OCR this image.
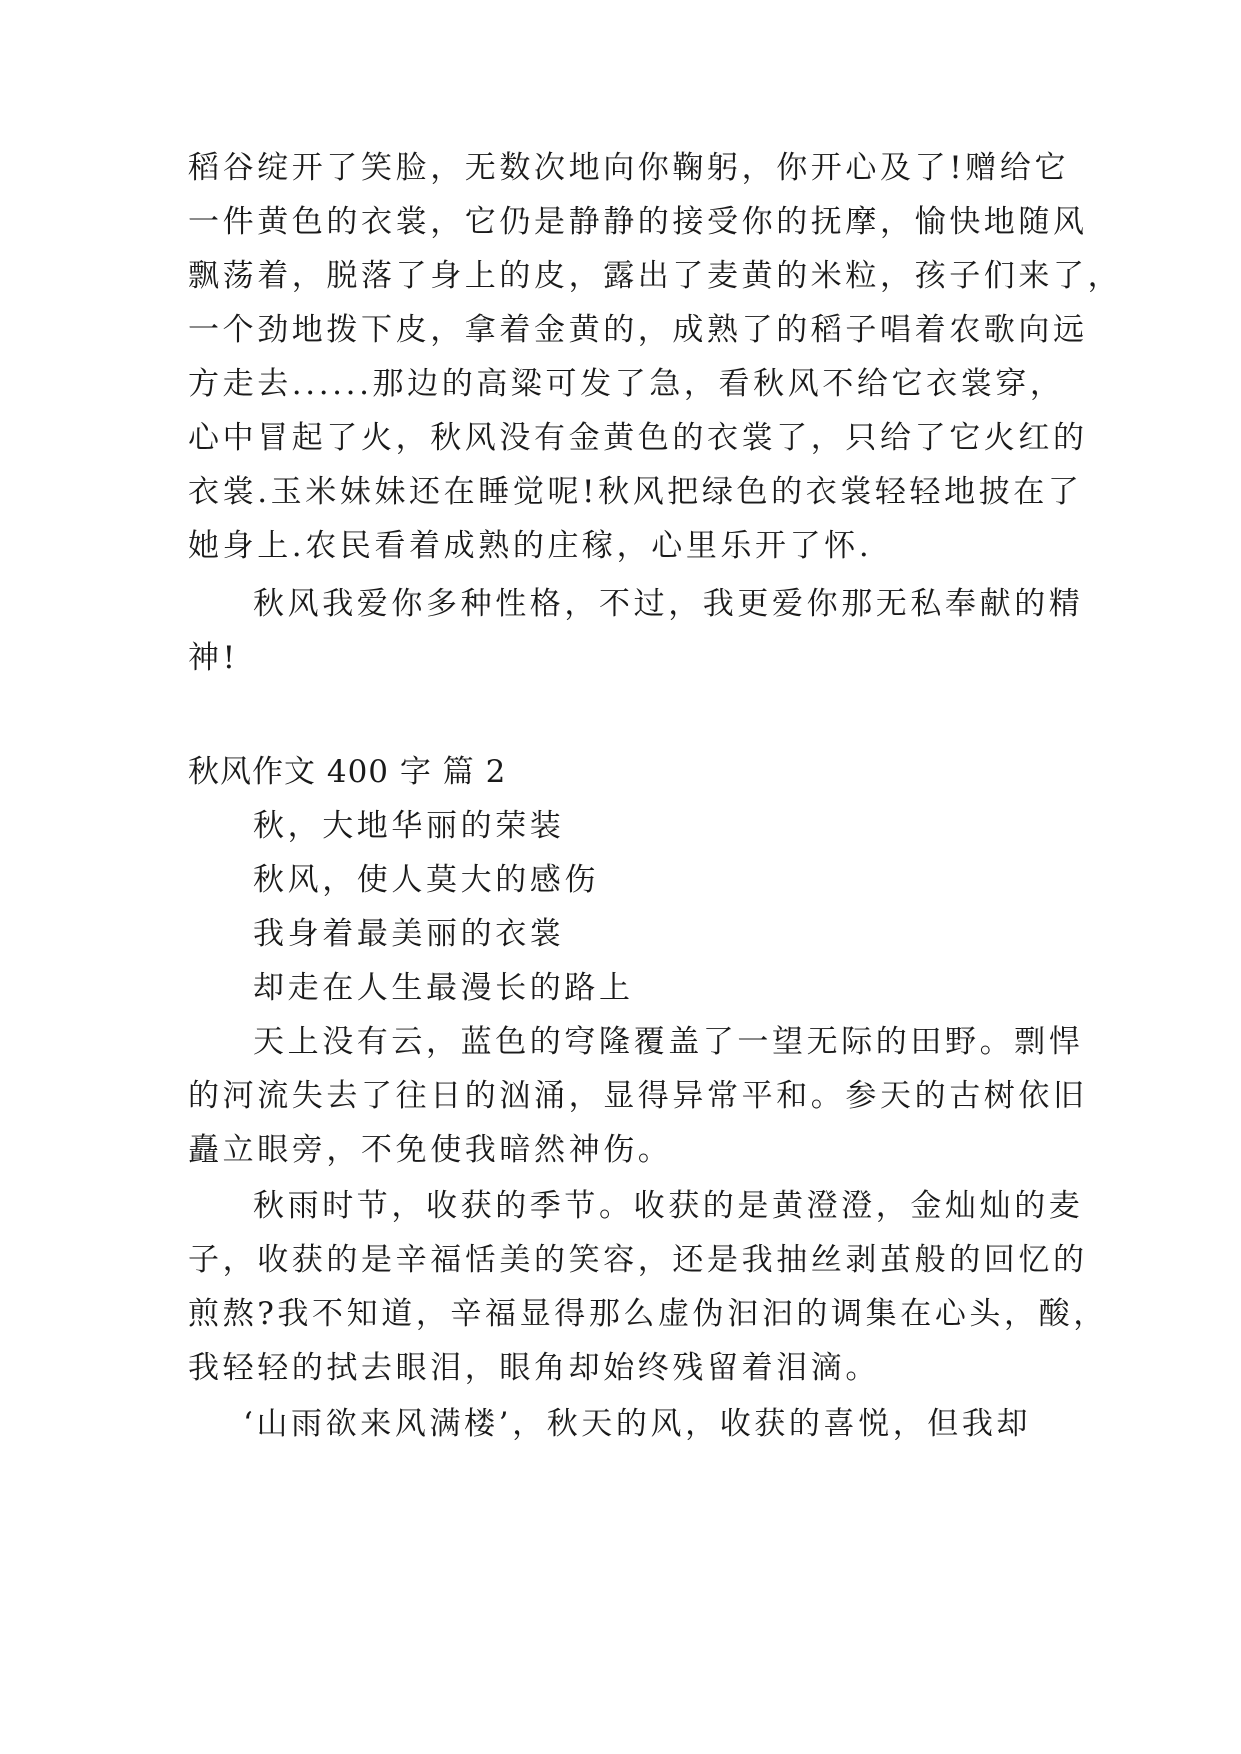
稻谷绽开了笑脸，无数次地向你鞠躬，你开心及了!赠给它
一件黄色的衣裳，它仍是静静的接受你的抚摩，愉快地随风
飘荡着，脱落了身上的皮，露出了麦黄的米粒，孩子们来了，
一个劲地拨下皮，拿着金黄的，成熟了的稻子唱着农歌向远
方走去......那边的高粱可发了急，看秋风不给它衣裳穿，
心中冒起了火，秋风没有金黄色的衣裳了，只给了它火红的
衣裳.玉米妹妹还在睡觉呢!秋风把绿色的衣裳轻轻地披在了
她身上.农民看着成熟的庄稼，心里乐开了怀.
秋风我爱你多种性格，不过，我更爱你那无私奉献的精
神!
秋风作文 400 字 篇 2
秋，大地华丽的荣装
秋风，使人莫大的感伤
我身着最美丽的衣裳
却走在人生最漫长的路上
天上没有云，蓝色的穹隆覆盖了一望无际的田野。剽悍
的河流失去了往日的汹涌，显得异常平和。参天的古树依旧
矗立眼旁，不免使我暗然神伤。
秋雨时节，收获的季节。收获的是黄澄澄，金灿灿的麦
子，收获的是辛福恬美的笑容，还是我抽丝剥茧般的回忆的
煎熬?我不知道，辛福显得那么虚伪汩汩的调集在心头，酸，
我轻轻的拭去眼泪，眼角却始终残留着泪滴。
‘山雨欲来风满楼’，秋天的风，收获的喜悦，但我却
